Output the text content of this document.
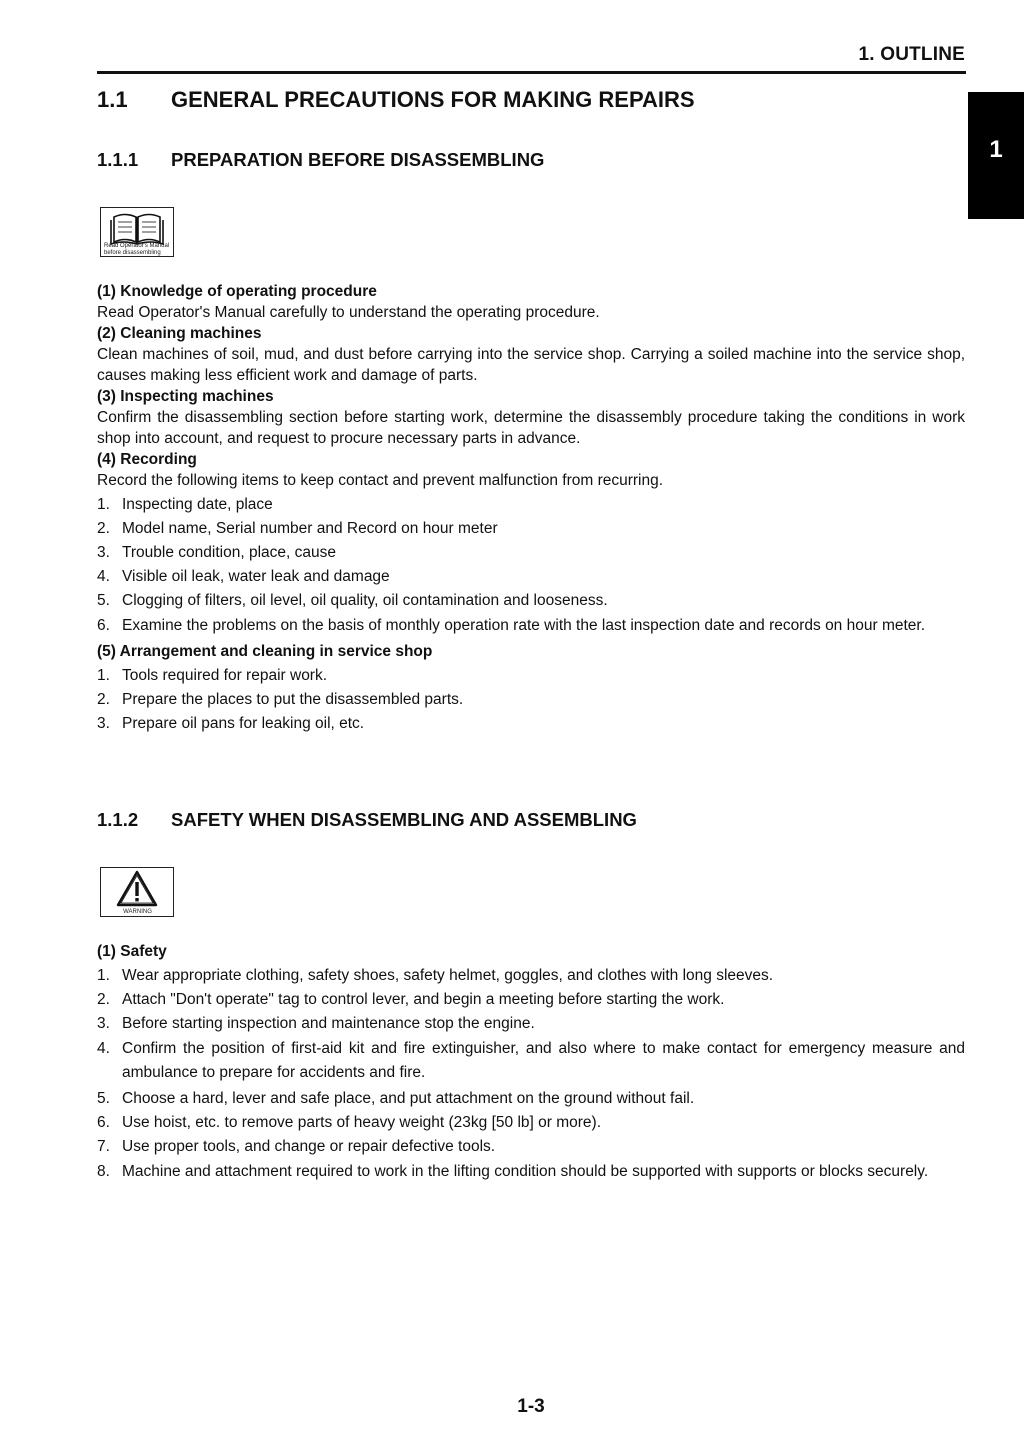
1. OUTLINE
1
1.1 GENERAL PRECAUTIONS FOR MAKING REPAIRS
1.1.1 PREPARATION BEFORE DISASSEMBLING
Read Operator's Manual before disassembling
(1) Knowledge of operating procedure
Read Operator's Manual carefully to understand the operating procedure.
(2) Cleaning machines
Clean machines of soil, mud, and dust before carrying into the service shop. Carrying a soiled machine into the service shop, causes making less efficient work and damage of parts.
(3) Inspecting machines
Confirm the disassembling section before starting work, determine the disassembly procedure taking the conditions in work shop into account, and request to procure necessary parts in advance.
(4) Recording
Record the following items to keep contact and prevent malfunction from recurring.
1. Inspecting date, place
2. Model name, Serial number and Record on hour meter
3. Trouble condition, place, cause
4. Visible oil leak, water leak and damage
5. Clogging of filters, oil level, oil quality, oil contamination and looseness.
6. Examine the problems on the basis of monthly operation rate with the last inspection date and records on hour meter.
(5) Arrangement and cleaning in service shop
1. Tools required for repair work.
2. Prepare the places to put the disassembled parts.
3. Prepare oil pans for leaking oil, etc.
1.1.2 SAFETY WHEN DISASSEMBLING AND ASSEMBLING
WARNING
(1) Safety
1. Wear appropriate clothing, safety shoes, safety helmet, goggles, and clothes with long sleeves.
2. Attach "Don't operate" tag to control lever, and begin a meeting before starting the work.
3. Before starting inspection and maintenance stop the engine.
4. Confirm the position of first-aid kit and fire extinguisher, and also where to make contact for emergency measure and ambulance to prepare for accidents and fire.
5. Choose a hard, lever and safe place, and put attachment on the ground without fail.
6. Use hoist, etc. to remove parts of heavy weight (23kg [50 lb] or more).
7. Use proper tools, and change or repair defective tools.
8. Machine and attachment required to work in the lifting condition should be supported with supports or blocks securely.
1-3
